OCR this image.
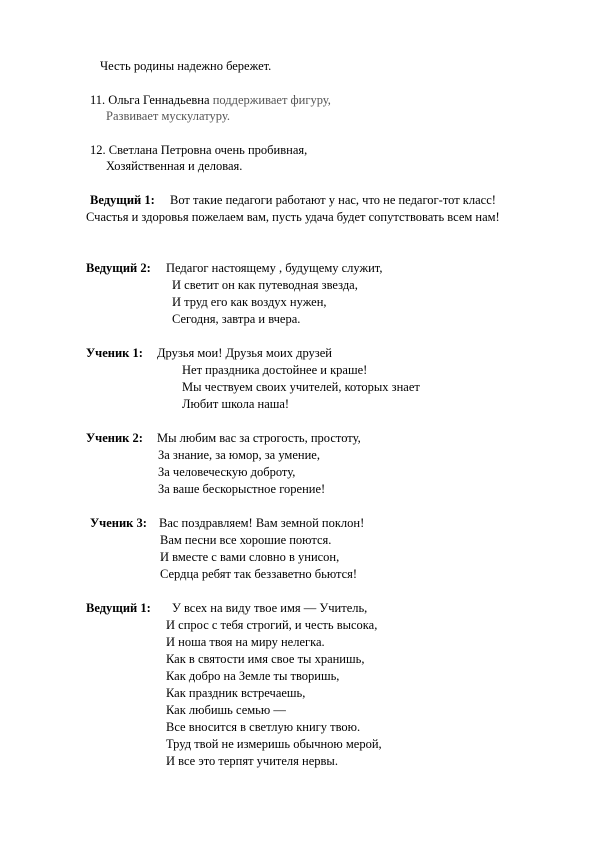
Честь родины надежно бережет.
11. Ольга Геннадьевна поддерживает фигуру,
Развивает мускулатуру.
12. Светлана Петровна очень пробивная,
Хозяйственная и деловая.
Ведущий 1: Вот такие педагоги работают у нас, что не педагог-тот класс!
Счастья и здоровья пожелаем вам, пусть удача будет сопутствовать всем нам!
Ведущий 2: Педагог настоящему , будущему служит,
И светит он как путеводная звезда,
И труд его как воздух нужен,
Сегодня, завтра и вчера.
Ученик 1: Друзья мои! Друзья моих друзей
Нет праздника достойнее и краше!
Мы чествуем своих учителей, которых знает
Любит школа наша!
Ученик 2: Мы любим вас за строгость, простоту,
За знание, за юмор, за умение,
За человеческую доброту,
За ваше бескорыстное горение!
Ученик 3: Вас поздравляем! Вам земной поклон!
Вам песни все хорошие поются.
И вместе с вами словно в унисон,
Сердца ребят так беззаветно бьются!
Ведущий 1: У всех на виду твое имя — Учитель,
И спрос с тебя строгий, и честь высока,
И ноша твоя на миру нелегка.
Как в святости имя свое ты хранишь,
Как добро на Земле ты творишь,
Как праздник встречаешь,
Как любишь семью —
Все вносится в светлую книгу твою.
Труд твой не измеришь обычною мерой,
И все это терпят учителя нервы.
